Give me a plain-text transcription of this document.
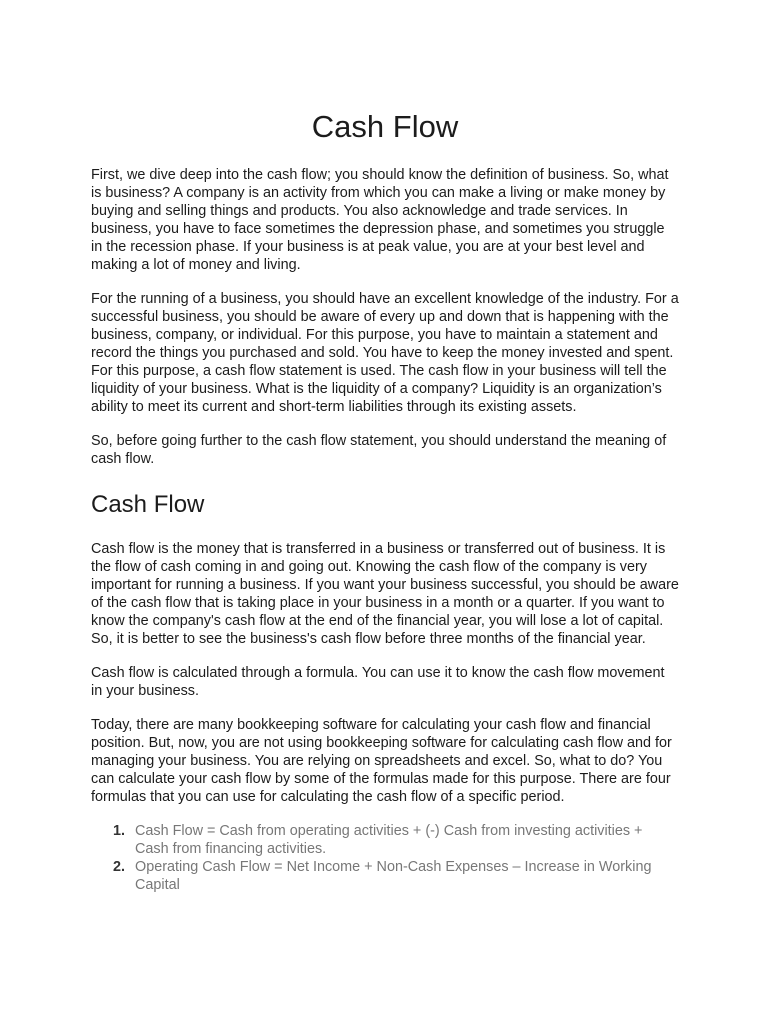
Cash Flow

First, we dive deep into the cash flow; you should know the definition of business. So, what is business? A company is an activity from which you can make a living or make money by buying and selling things and products. You also acknowledge and trade services. In business, you have to face sometimes the depression phase, and sometimes you struggle in the recession phase. If your business is at peak value, you are at your best level and making a lot of money and living.

For the running of a business, you should have an excellent knowledge of the industry. For a successful business, you should be aware of every up and down that is happening with the business, company, or individual. For this purpose, you have to maintain a statement and record the things you purchased and sold. You have to keep the money invested and spent. For this purpose, a cash flow statement is used. The cash flow in your business will tell the liquidity of your business. What is the liquidity of a company? Liquidity is an organization’s ability to meet its current and short-term liabilities through its existing assets.

So, before going further to the cash flow statement, you should understand the meaning of cash flow.

Cash Flow

Cash flow is the money that is transferred in a business or transferred out of business. It is the flow of cash coming in and going out. Knowing the cash flow of the company is very important for running a business. If you want your business successful, you should be aware of the cash flow that is taking place in your business in a month or a quarter. If you want to know the company's cash flow at the end of the financial year, you will lose a lot of capital. So, it is better to see the business's cash flow before three months of the financial year.

Cash flow is calculated through a formula. You can use it to know the cash flow movement in your business.

Today, there are many bookkeeping software for calculating your cash flow and financial position. But, now, you are not using bookkeeping software for calculating cash flow and for managing your business. You are relying on spreadsheets and excel. So, what to do? You can calculate your cash flow by some of the formulas made for this purpose. There are four formulas that you can use for calculating the cash flow of a specific period.

1. Cash Flow = Cash from operating activities + (-) Cash from investing activities + Cash from financing activities.
2. Operating Cash Flow = Net Income + Non-Cash Expenses – Increase in Working Capital
